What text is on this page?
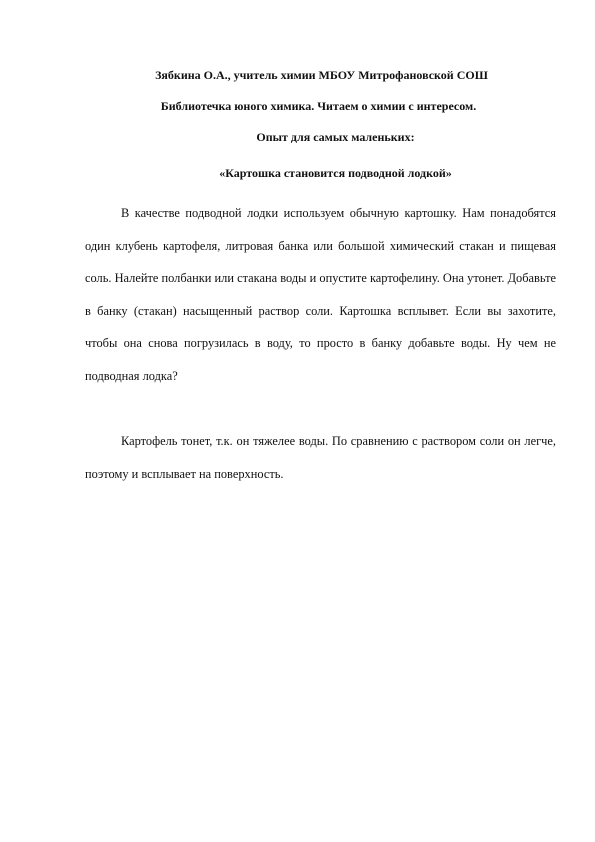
Зябкина О.А., учитель химии МБОУ Митрофановской СОШ
Библиотечка юного химика. Читаем о химии с интересом.
Опыт для самых маленьких:
«Картошка становится подводной лодкой»

В качестве подводной лодки используем обычную картошку. Нам понадобятся один клубень картофеля, литровая банка или большой химический стакан и пищевая соль. Налейте полбанки или стакана воды и опустите картофелину. Она утонет. Добавьте в банку (стакан) насыщенный раствор соли. Картошка всплывет. Если вы захотите, чтобы она снова погрузилась в воду, то просто в банку добавьте воды. Ну чем не подводная лодка?

Картофель тонет, т.к. он тяжелее воды. По сравнению с раствором соли он легче, поэтому и всплывает на поверхность.
